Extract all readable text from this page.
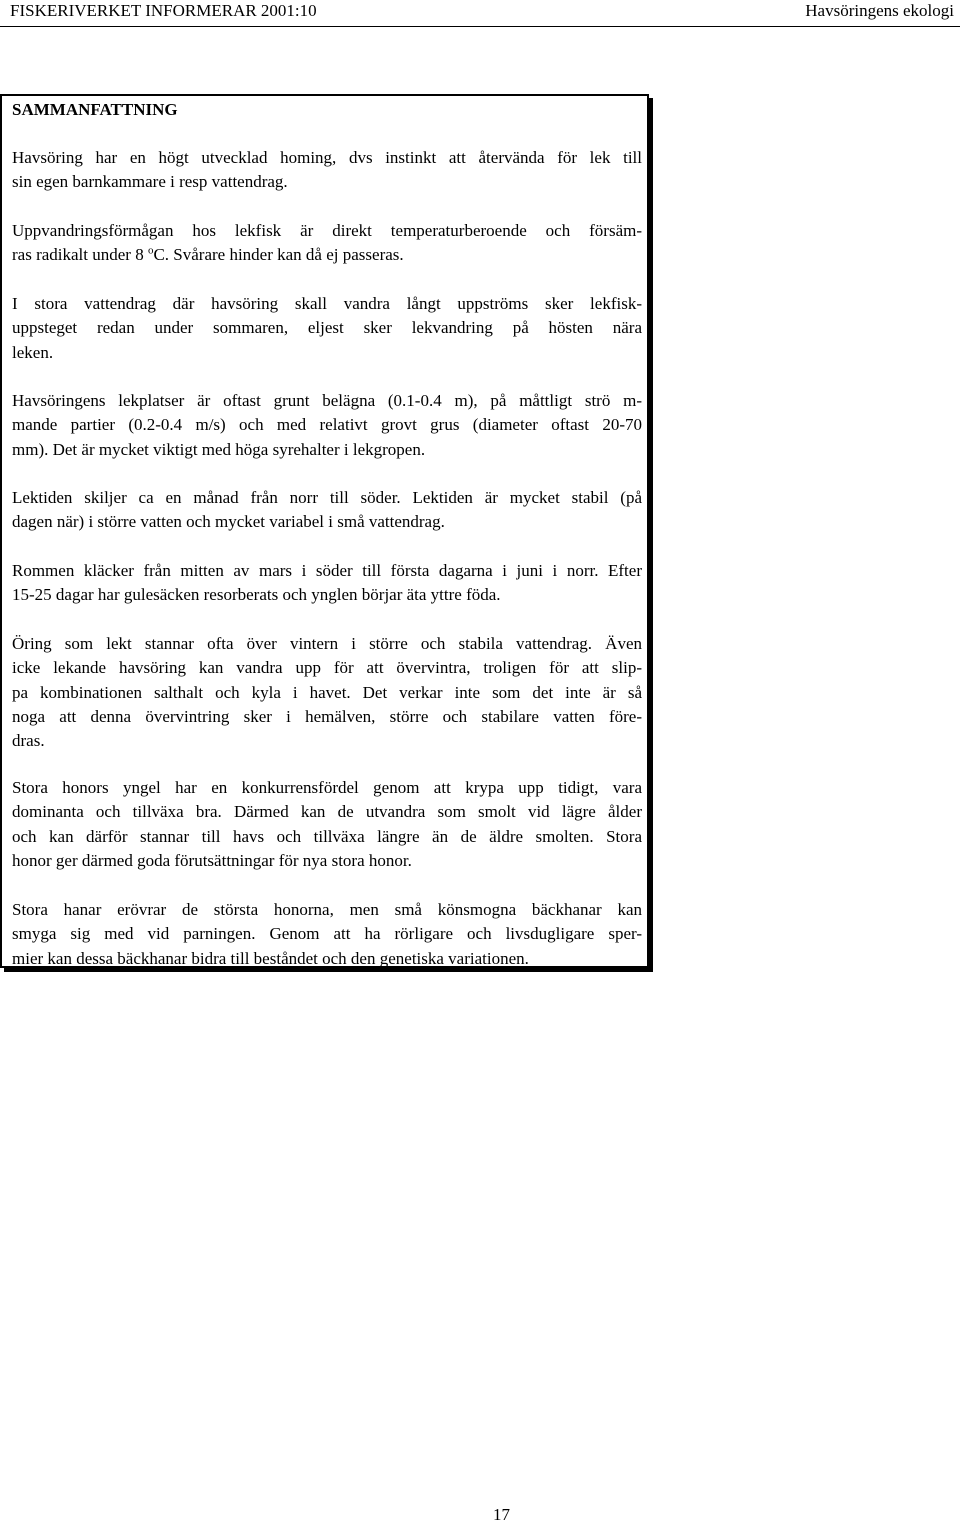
FISKERIVERKET INFORMERAR 2001:10	Havsöringens ekologi
SAMMANFATTNING
Havsöring har en högt utvecklad homing, dvs instinkt att återvända för lek till
sin egen barnkammare i resp vattendrag.
Uppvandringsförmågan hos lekfisk är direkt temperaturberoende och försäm-
ras radikalt under 8 $^o$C. Svårare hinder kan då ej passeras.
I stora vattendrag där havsöring skall vandra långt uppströms sker lekfisk-
uppsteget redan under sommaren, eljest sker lekvandring på hösten nära
leken.
Havsöringens lekplatser är oftast grunt belägna (0.1-0.4 m), på måttligt strö m-
mande partier (0.2-0.4 m/s) och med relativt grovt grus (diameter oftast 20-70
mm). Det är mycket viktigt med höga syrehalter i lekgropen.
Lektiden skiljer ca en månad från norr till söder. Lektiden är mycket stabil (på
dagen när) i större vatten och mycket variabel i små vattendrag.
Rommen kläcker från mitten av mars i söder till första dagarna i juni i norr. Efter
15-25 dagar har gulesäcken resorberats och ynglen börjar äta yttre föda.
Öring som lekt stannar ofta över vintern i större och stabila vattendrag. Även
icke lekande havsöring kan vandra upp för att övervintra, troligen för att slip-
pa kombinationen salthalt och kyla i havet. Det verkar inte som det inte är så
noga att denna övervintring sker i hemälven, större och stabilare vatten före-
dras.
Stora honors yngel har en konkurrensfördel genom att krypa upp tidigt, vara
dominanta och tillväxa bra. Därmed kan de utvandra som smolt vid lägre ålder
och kan därför stannar till havs och tillväxa längre än de äldre smolten. Stora
honor ger därmed goda förutsättningar för nya stora honor.
Stora hanar erövrar de största honorna, men små könsmogna bäckhanar kan
smyga sig med vid parningen. Genom att ha rörligare och livsdugligare sper-
mier kan dessa bäckhanar bidra till beståndet och den genetiska variationen.
17
